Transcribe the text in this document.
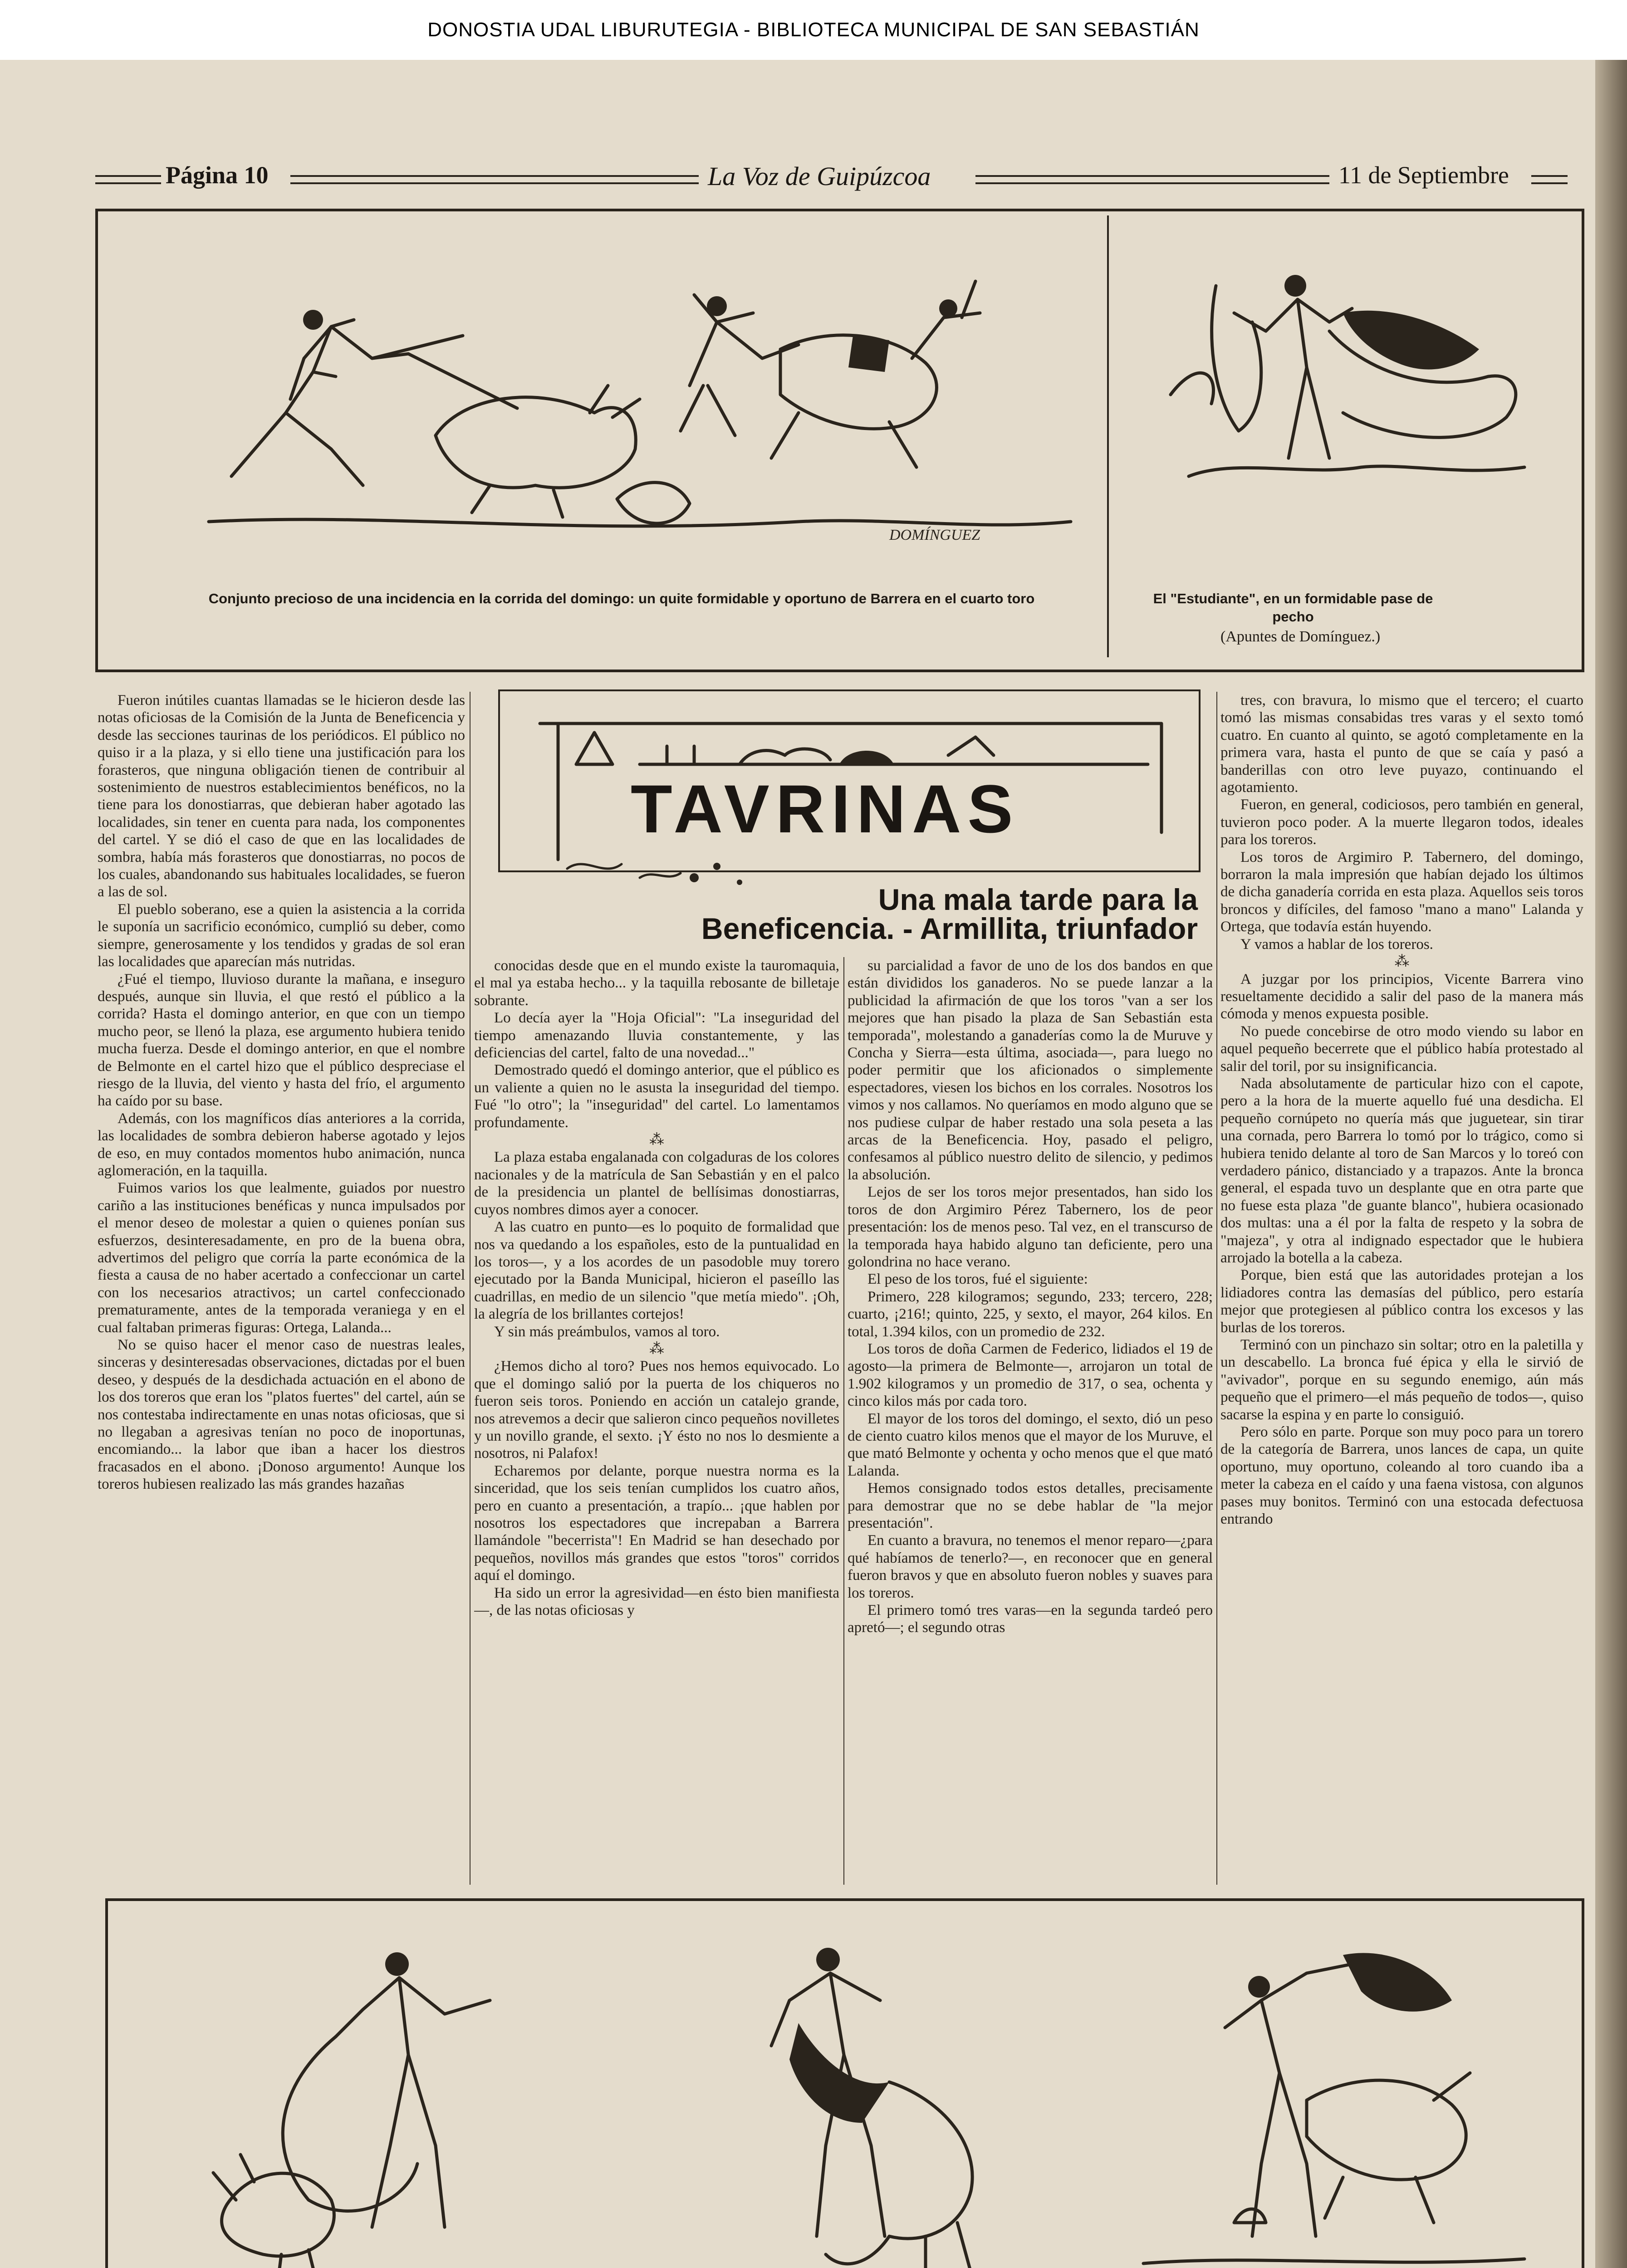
DONOSTIA UDAL LIBURUTEGIA - BIBLIOTECA MUNICIPAL DE SAN SEBASTIÁN
Página 10	La Voz de Guipúzcoa	11 de Septiembre
DOMÍNGUEZ
Conjunto precioso de una incidencia en la corrida del domingo: un quite formidable y oportuno de Barrera en el cuarto toro	El "Estudiante", en un formidable pase de pecho
(Apuntes de Domínguez.)
TAVRINAS
Una mala tarde para la
Beneficencia. - Armillita, triunfador

Fueron inútiles cuantas llamadas se le hicieron desde las notas oficiosas de la Comisión de la Junta de Beneficencia y desde las secciones taurinas de los periódicos. El público no quiso ir a la plaza, y si ello tiene una justificación para los forasteros, que ninguna obligación tienen de contribuir al sostenimiento de nuestros establecimientos benéficos, no la tiene para los donostiarras, que debieran haber agotado las localidades, sin tener en cuenta para nada, los componentes del cartel. Y se dió el caso de que en las localidades de sombra, había más forasteros que donostiarras, no pocos de los cuales, abandonando sus habituales localidades, se fueron a las de sol.

El pueblo soberano, ese a quien la asistencia a la corrida le suponía un sacrificio económico, cumplió su deber, como siempre, generosamente y los tendidos y gradas de sol eran las localidades que aparecían más nutridas.

¿Fué el tiempo, lluvioso durante la mañana, e inseguro después, aunque sin lluvia, el que restó el público a la corrida? Hasta el domingo anterior, en que con un tiempo mucho peor, se llenó la plaza, ese argumento hubiera tenido mucha fuerza. Desde el domingo anterior, en que el nombre de Belmonte en el cartel hizo que el público despreciase el riesgo de la lluvia, del viento y hasta del frío, el argumento ha caído por su base.

Además, con los magníficos días anteriores a la corrida, las localidades de sombra debieron haberse agotado y lejos de eso, en muy contados momentos hubo animación, nunca aglomeración, en la taquilla.

Fuimos varios los que lealmente, guiados por nuestro cariño a las instituciones benéficas y nunca impulsados por el menor deseo de molestar a quien o quienes ponían sus esfuerzos, desinteresadamente, en pro de la buena obra, advertimos del peligro que corría la parte económica de la fiesta a causa de no haber acertado a confeccionar un cartel con los necesarios atractivos; un cartel confeccionado prematuramente, antes de la temporada veraniega y en el cual faltaban primeras figuras: Ortega, Lalanda...

No se quiso hacer el menor caso de nuestras leales, sinceras y desinteresadas observaciones, dictadas por el buen deseo, y después de la desdichada actuación en el abono de los dos toreros que eran los "platos fuertes" del cartel, aún se nos contestaba indirectamente en unas notas oficiosas, que si no llegaban a agresivas tenían no poco de inoportunas, encomiando... la labor que iban a hacer los diestros fracasados en el abono. ¡Donoso argumento! Aunque los toreros hubiesen realizado las más grandes hazañas

conocidas desde que en el mundo existe la tauromaquia, el mal ya estaba hecho... y la taquilla rebosante de billetaje sobrante.

Lo decía ayer la "Hoja Oficial": "La inseguridad del tiempo amenazando lluvia constantemente, y las deficiencias del cartel, falto de una novedad..."

Demostrado quedó el domingo anterior, que el público es un valiente a quien no le asusta la inseguridad del tiempo. Fué "lo otro"; la "inseguridad" del cartel. Lo lamentamos profundamente.

⁂

La plaza estaba engalanada con colgaduras de los colores nacionales y de la matrícula de San Sebastián y en el palco de la presidencia un plantel de bellísimas donostiarras, cuyos nombres dimos ayer a conocer.

A las cuatro en punto—es lo poquito de formalidad que nos va quedando a los españoles, esto de la puntualidad en los toros—, y a los acordes de un pasodoble muy torero ejecutado por la Banda Municipal, hicieron el paseíllo las cuadrillas, en medio de un silencio "que metía miedo". ¡Oh, la alegría de los brillantes cortejos!

Y sin más preámbulos, vamos al toro.

⁂

¿Hemos dicho al toro? Pues nos hemos equivocado. Lo que el domingo salió por la puerta de los chiqueros no fueron seis toros. Poniendo en acción un catalejo grande, nos atrevemos a decir que salieron cinco pequeños novilletes y un novillo grande, el sexto. ¡Y ésto no nos lo desmiente a nosotros, ni Palafox!

Echaremos por delante, porque nuestra norma es la sinceridad, que los seis tenían cumplidos los cuatro años, pero en cuanto a presentación, a trapío... ¡que hablen por nosotros los espectadores que increpaban a Barrera llamándole "becerrista"! En Madrid se han desechado por pequeños, novillos más grandes que estos "toros" corridos aquí el domingo.

Ha sido un error la agresividad—en ésto bien manifiesta—, de las notas oficiosas y

su parcialidad a favor de uno de los dos bandos en que están divididos los ganaderos. No se puede lanzar a la publicidad la afirmación de que los toros "van a ser los mejores que han pisado la plaza de San Sebastián esta temporada", molestando a ganaderías como la de Muruve y Concha y Sierra—esta última, asociada—, para luego no poder permitir que los aficionados o simplemente espectadores, viesen los bichos en los corrales. Nosotros los vimos y nos callamos. No queríamos en modo alguno que se nos pudiese culpar de haber restado una sola peseta a las arcas de la Beneficencia. Hoy, pasado el peligro, confesamos al público nuestro delito de silencio, y pedimos la absolución.

Lejos de ser los toros mejor presentados, han sido los toros de don Argimiro Pérez Tabernero, los de peor presentación: los de menos peso. Tal vez, en el transcurso de la temporada haya habido alguno tan deficiente, pero una golondrina no hace verano.

El peso de los toros, fué el siguiente:

Primero, 228 kilogramos; segundo, 233; tercero, 228; cuarto, ¡216!; quinto, 225, y sexto, el mayor, 264 kilos. En total, 1.394 kilos, con un promedio de 232.

Los toros de doña Carmen de Federico, lidiados el 19 de agosto—la primera de Belmonte—, arrojaron un total de 1.902 kilogramos y un promedio de 317, o sea, ochenta y cinco kilos más por cada toro.

El mayor de los toros del domingo, el sexto, dió un peso de ciento cuatro kilos menos que el mayor de los Muruve, el que mató Belmonte y ochenta y ocho menos que el que mató Lalanda.

Hemos consignado todos estos detalles, precisamente para demostrar que no se debe hablar de "la mejor presentación".

En cuanto a bravura, no tenemos el menor reparo—¿para qué habíamos de tenerlo?—, en reconocer que en general fueron bravos y que en absoluto fueron nobles y suaves para los toreros.

El primero tomó tres varas—en la segunda tardeó pero apretó—; el segundo otras

tres, con bravura, lo mismo que el tercero; el cuarto tomó las mismas consabidas tres varas y el sexto tomó cuatro. En cuanto al quinto, se agotó completamente en la primera vara, hasta el punto de que se caía y pasó a banderillas con otro leve puyazo, continuando el agotamiento.

Fueron, en general, codiciosos, pero también en general, tuvieron poco poder. A la muerte llegaron todos, ideales para los toreros.

Los toros de Argimiro P. Tabernero, del domingo, borraron la mala impresión que habían dejado los últimos de dicha ganadería corrida en esta plaza. Aquellos seis toros broncos y difíciles, del famoso "mano a mano" Lalanda y Ortega, que todavía están huyendo.

Y vamos a hablar de los toreros.

⁂

A juzgar por los principios, Vicente Barrera vino resueltamente decidido a salir del paso de la manera más cómoda y menos expuesta posible.

No puede concebirse de otro modo viendo su labor en aquel pequeño becerrete que el público había protestado al salir del toril, por su insignificancia.

Nada absolutamente de particular hizo con el capote, pero a la hora de la muerte aquello fué una desdicha. El pequeño cornúpeto no quería más que juguetear, sin tirar una cornada, pero Barrera lo tomó por lo trágico, como si hubiera tenido delante al toro de San Marcos y lo toreó con verdadero pánico, distanciado y a trapazos. Ante la bronca general, el espada tuvo un desplante que en otra parte que no fuese esta plaza "de guante blanco", hubiera ocasionado dos multas: una a él por la falta de respeto y la sobra de "majeza", y otra al indignado espectador que le hubiera arrojado la botella a la cabeza.

Porque, bien está que las autoridades protejan a los lidiadores contra las demasías del público, pero estaría mejor que protegiesen al público contra los excesos y las burlas de los toreros.

Terminó con un pinchazo sin soltar; otro en la paletilla y un descabello. La bronca fué épica y ella le sirvió de "avivador", porque en su segundo enemigo, aún más pequeño que el primero—el más pequeño de todos—, quiso sacarse la espina y en parte lo consiguió.

Pero sólo en parte. Porque son muy poco para un torero de la categoría de Barrera, unos lances de capa, un quite oportuno, muy oportuno, coleando al toro cuando iba a meter la cabeza en el caído y una faena vistosa, con algunos pases muy bonitos. Terminó con una estocada defectuosa entrando
